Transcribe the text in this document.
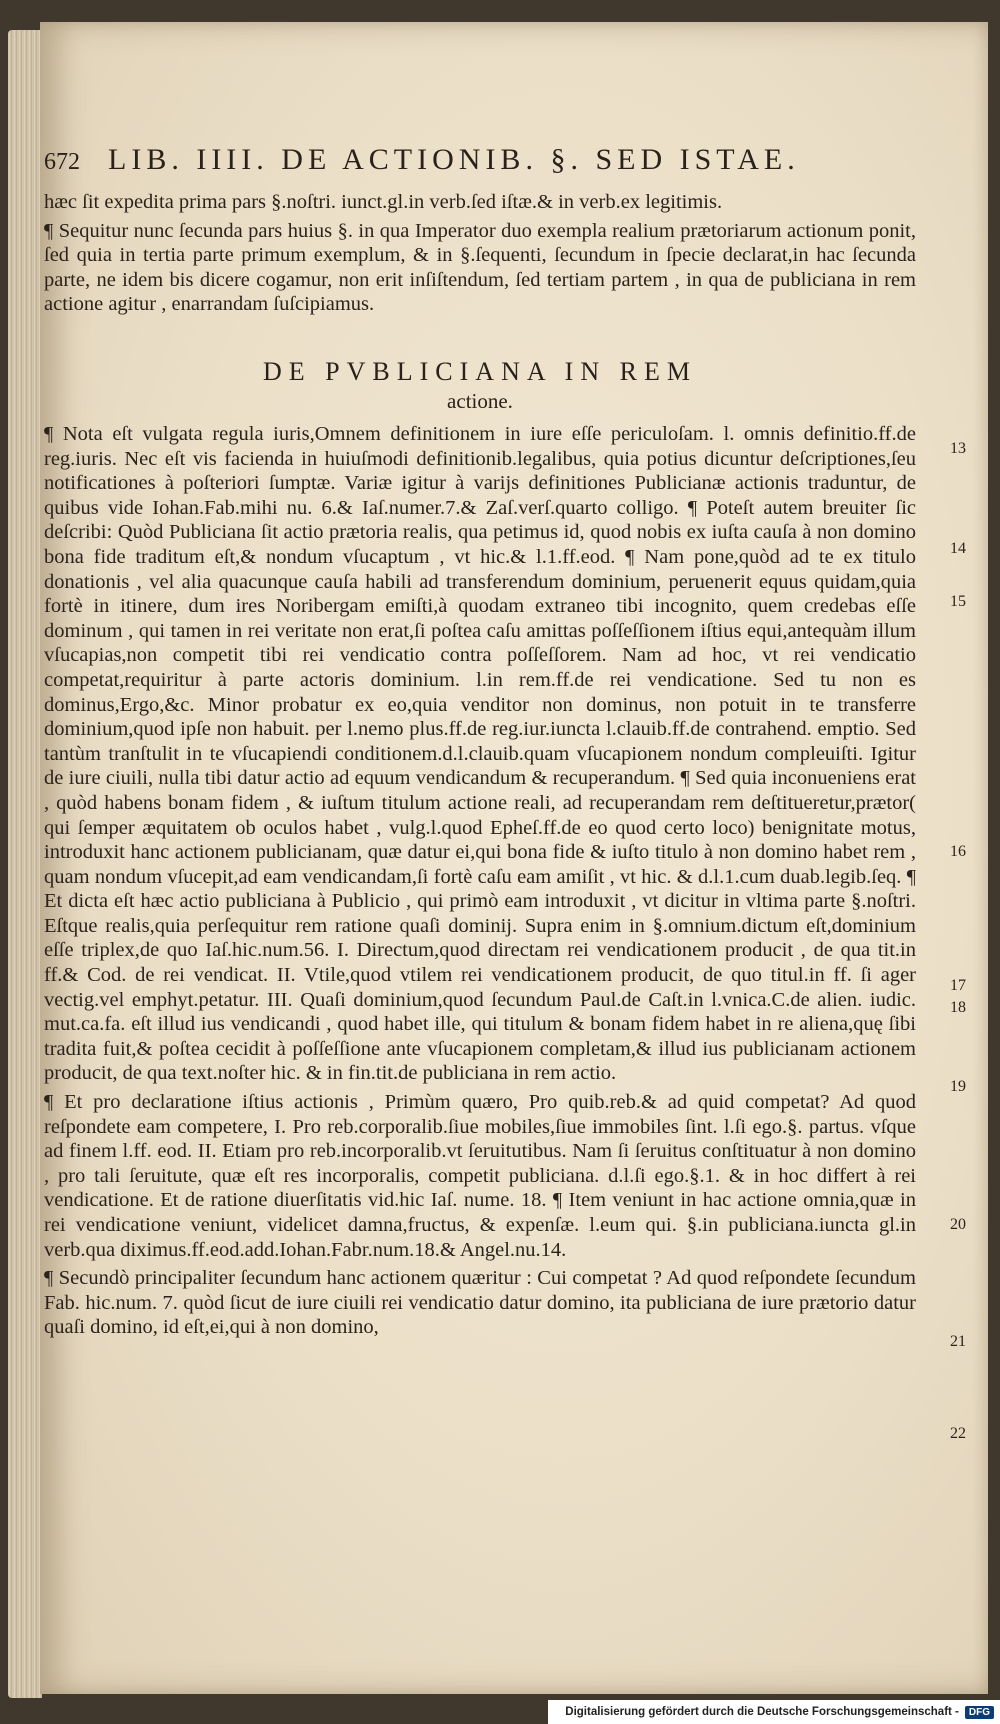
672 LIB. IIII. DE ACTIONIB. §. SED ISTAE.

hæc ſit expedita prima pars §.noſtri. iunct.gl.in verb.ſed iſtæ.& in verb.ex legitimis.

¶ Sequitur nunc ſecunda pars huius §. in qua Imperator duo exempla realium prætoriarum actionum ponit, ſed quia in tertia parte primum exemplum, & in §.ſequenti, ſecundum in ſpecie declarat,in hac ſecunda parte, ne idem bis dicere cogamur, non erit inſiſtendum, ſed tertiam partem , in qua de publiciana in rem actione agitur , enarrandam ſuſcipiamus.

DE PVBLICIANA IN REM
actione.

¶ Nota eſt vulgata regula iuris,Omnem definitionem in iure eſſe periculoſam. l. omnis definitio.ff.de reg.iuris. Nec eſt vis facienda in huiuſmodi definitionib.legalibus, quia potius dicuntur deſcriptiones,ſeu notificationes à poſteriori ſumptæ. Variæ igitur à varijs definitiones Publicianæ actionis traduntur, de quibus vide Iohan.Fab.mihi nu. 6.& Iaſ.numer.7.& Zaſ.verſ.quarto colligo. ¶ Poteſt autem breuiter ſic deſcribi: Quòd Publiciana ſit actio prætoria realis, qua petimus id, quod nobis ex iuſta cauſa à non domino bona fide traditum eſt,& nondum vſucaptum , vt hic.& l.1.ff.eod. ¶ Nam pone,quòd ad te ex titulo donationis , vel alia quacunque cauſa habili ad transferendum dominium, peruenerit equus quidam,quia fortè in itinere, dum ires Noribergam emiſti,à quodam extraneo tibi incognito, quem credebas eſſe dominum , qui tamen in rei veritate non erat,ſi poſtea caſu amittas poſſeſſionem iſtius equi,antequàm illum vſucapias,non competit tibi rei vendicatio contra poſſeſſorem. Nam ad hoc, vt rei vendicatio competat,requiritur à parte actoris dominium. l.in rem.ff.de rei vendicatione. Sed tu non es dominus,Ergo,&c. Minor probatur ex eo,quia venditor non dominus, non potuit in te transferre dominium,quod ipſe non habuit. per l.nemo plus.ff.de reg.iur.iuncta l.clauib.ff.de contrahend. emptio. Sed tantùm tranſtulit in te vſucapiendi conditionem.d.l.clauib.quam vſucapionem nondum compleuiſti. Igitur de iure ciuili, nulla tibi datur actio ad equum vendicandum & recuperandum. ¶ Sed quia inconueniens erat , quòd habens bonam fidem , & iuſtum titulum actione reali, ad recuperandam rem deſtitueretur,prætor( qui ſemper æquitatem ob oculos habet , vulg.l.quod Epheſ.ff.de eo quod certo loco) benignitate motus, introduxit hanc actionem publicianam, quæ datur ei,qui bona fide & iuſto titulo à non domino habet rem , quam nondum vſucepit,ad eam vendicandam,ſi fortè caſu eam amiſit , vt hic. & d.l.1.cum duab.legib.ſeq. ¶ Et dicta eſt hæc actio publiciana à Publicio , qui primò eam introduxit , vt dicitur in vltima parte §.noſtri. Eſtque realis,quia perſequitur rem ratione quaſi dominij. Supra enim in §.omnium.dictum eſt,dominium eſſe triplex,de quo Iaſ.hic.num.56. I. Directum,quod directam rei vendicationem producit , de qua tit.in ff.& Cod. de rei vendicat. II. Vtile,quod vtilem rei vendicationem producit, de quo titul.in ff. ſi ager vectig.vel emphyt.petatur. III. Quaſi dominium,quod ſecundum Paul.de Caſt.in l.vnica.C.de alien. iudic. mut.ca.fa. eſt illud ius vendicandi , quod habet ille, qui titulum & bonam fidem habet in re aliena,quę ſibi tradita fuit,& poſtea cecidit à poſſeſſione ante vſucapionem completam,& illud ius publicianam actionem producit, de qua text.noſter hic. & in fin.tit.de publiciana in rem actio.

¶ Et pro declaratione iſtius actionis , Primùm quæro, Pro quib.reb.& ad quid competat? Ad quod reſpondete eam competere, I. Pro reb.corporalib.ſiue mobiles,ſiue immobiles ſint. l.ſi ego.§. partus. vſque ad finem l.ff. eod. II. Etiam pro reb.incorporalib.vt ſeruitutibus. Nam ſi ſeruitus conſtituatur à non domino , pro tali ſeruitute, quæ eſt res incorporalis, competit publiciana. d.l.ſi ego.§.1. & in hoc differt à rei vendicatione. Et de ratione diuerſitatis vid.hic Iaſ. nume. 18. ¶ Item veniunt in hac actione omnia,quæ in rei vendicatione veniunt, videlicet damna,fructus, & expenſæ. l.eum qui. §.in publiciana.iuncta gl.in verb.qua diximus.ff.eod.add.Iohan.Fabr.num.18.& Angel.nu.14.

¶ Secundò principaliter ſecundum hanc actionem quæritur : Cui competat ? Ad quod reſpondete ſecundum Fab. hic.num. 7. quòd ſicut de iure ciuili rei vendicatio datur domino, ita publiciana de iure prætorio datur quaſi domino, id eſt,ei,qui à non domino,

13
14
15
16
17
18
19
20
21
22
Digitalisierung gefördert durch die Deutsche Forschungsgemeinschaft -	DFG
